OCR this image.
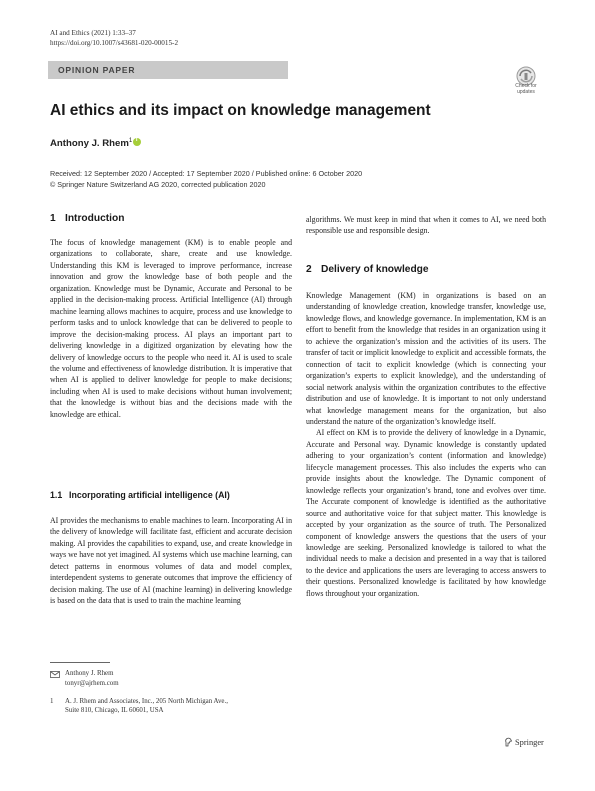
AI and Ethics (2021) 1:33–37
https://doi.org/10.1007/s43681-020-00015-2
OPINION PAPER
Check for
updates
AI ethics and its impact on knowledge management
Anthony J. Rhem$^1$ i
Received: 12 September 2020 / Accepted: 17 September 2020 / Published online: 6 October 2020
© Springer Nature Switzerland AG 2020, corrected publication 2020
1 Introduction

The focus of knowledge management (KM) is to enable people and organizations to collaborate, share, create and use knowledge. Understanding this KM is leveraged to improve performance, increase innovation and grow the knowledge base of both people and the organization. Knowledge must be Dynamic, Accurate and Personal to be applied in the decision-making process. Artificial Intelligence (AI) through machine learning allows machines to acquire, process and use knowledge to perform tasks and to unlock knowledge that can be delivered to people to improve the decision-making process. AI plays an important part to delivering knowledge in a digitized organization by elevating how the delivery of knowledge occurs to the people who need it. AI is used to scale the volume and effectiveness of knowledge distribution. It is imperative that when AI is applied to deliver knowledge for people to make decisions; including when AI is used to make decisions without human involvement; that the knowledge is without bias and the decisions made with the knowledge are ethical.

1.1 Incorporating artificial intelligence (AI)

AI provides the mechanisms to enable machines to learn. Incorporating AI in the delivery of knowledge will facilitate fast, efficient and accurate decision making. AI provides the capabilities to expand, use, and create knowledge in ways we have not yet imagined. AI systems which use machine learning, can detect patterns in enormous volumes of data and model complex, interdependent systems to generate outcomes that improve the efficiency of decision making. The use of AI (machine learning) in delivering knowledge is based on the data that is used to train the machine learning

algorithms. We must keep in mind that when it comes to AI, we need both responsible use and responsible design.

2 Delivery of knowledge

Knowledge Management (KM) in organizations is based on an understanding of knowledge creation, knowledge transfer, knowledge use, knowledge flows, and knowledge governance. In implementation, KM is an effort to benefit from the knowledge that resides in an organization using it to achieve the organization’s mission and the activities of its users. The transfer of tacit or implicit knowledge to explicit and accessible formats, the connection of tacit to explicit knowledge (which is connecting your organization’s experts to explicit knowledge), and the understanding of social network analysis within the organization contributes to the effective distribution and use of knowledge. It is important to not only understand what knowledge management means for the organization, but also understand the nature of the organization’s knowledge itself.

AI effect on KM is to provide the delivery of knowledge in a Dynamic, Accurate and Personal way. Dynamic knowledge is constantly updated adhering to your organization’s content (information and knowledge) lifecycle management processes. This also includes the experts who can provide insights about the knowledge. The Dynamic component of knowledge reflects your organization’s brand, tone and evolves over time. The Accurate component of knowledge is identified as the authoritative source and authoritative voice for that subject matter. This knowledge is accepted by your organization as the source of truth. The Personalized component of knowledge answers the questions that the users of your knowledge are seeking. Personalized knowledge is tailored to what the individual needs to make a decision and presented in a way that is tailored to the device and applications the users are leveraging to access answers to their questions. Personalized knowledge is facilitated by how knowledge flows throughout your organization.

Anthony J. Rhem
tonyr@ajrhem.com
1 A. J. Rhem and Associates, Inc., 205 North Michigan Ave.,
Suite 810, Chicago, IL 60601, USA
Springer
